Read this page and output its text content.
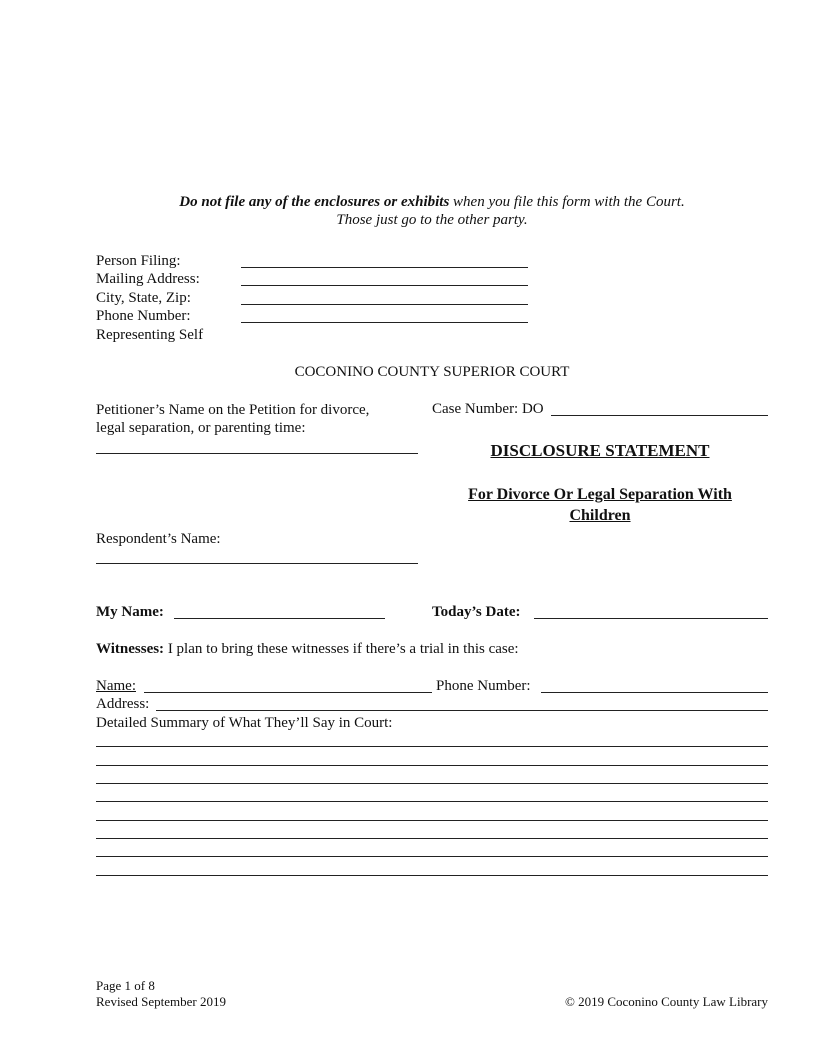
Do not file any of the enclosures or exhibits when you file this form with the Court.
Those just go to the other party.
Person Filing:
Mailing Address:
City, State, Zip:
Phone Number:
Representing Self
COCONINO COUNTY SUPERIOR COURT
Petitioner’s Name on the Petition for divorce,
legal separation, or parenting time:
Case Number: DO
DISCLOSURE STATEMENT
For Divorce Or Legal Separation With
Children
Respondent’s Name:
My Name:	Today’s Date:
Witnesses: I plan to bring these witnesses if there’s a trial in this case:
Name:	Phone Number:
Address:
Detailed Summary of What They’ll Say in Court:
Page 1 of 8
Revised September 2019	© 2019 Coconino County Law Library
